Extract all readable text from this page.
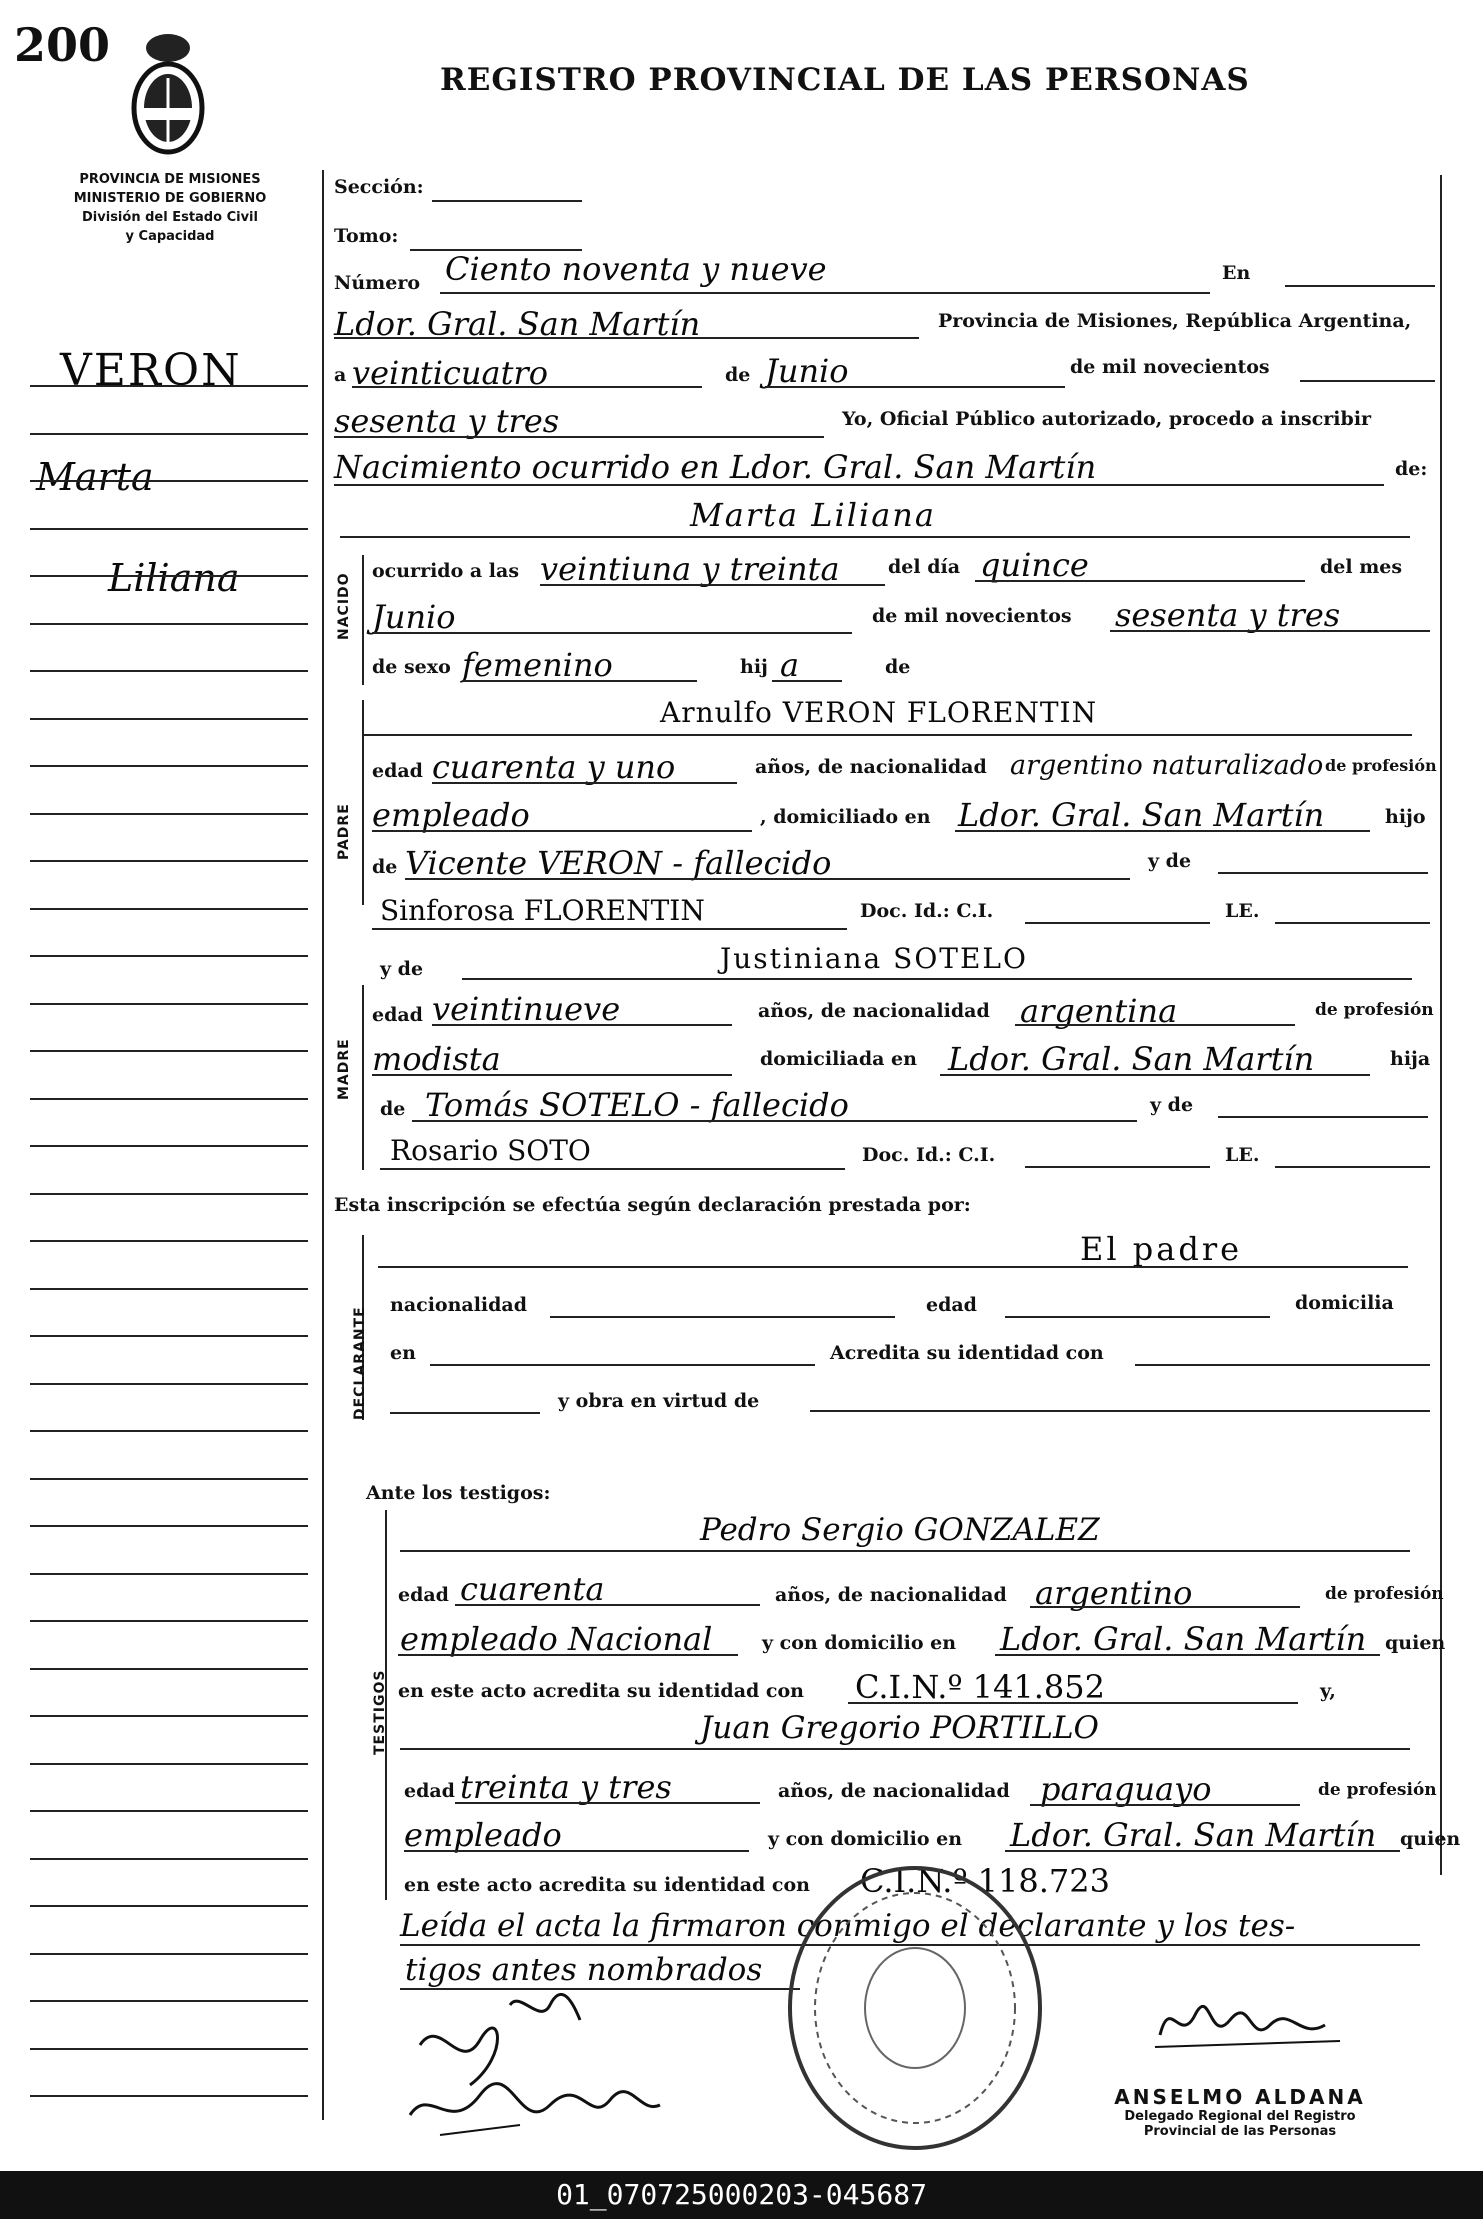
200
REGISTRO PROVINCIAL DE LAS PERSONAS
PROVINCIA DE MISIONES
MINISTERIO DE GOBIERNO
División del Estado Civil
y Capacidad
VERON
Marta
Liliana
Sección:
Tomo:
Número Ciento noventa y nueve	En
Ldor. Gral. San Martín	Provincia de Misiones, República Argentina,
a veinticuatro	de Junio	de mil novecientos
sesenta y tres	Yo, Oficial Público autorizado, procedo a inscribir
Nacimiento ocurrido en Ldor. Gral. San Martín	de:
NACIDO
Marta Liliana
ocurrido a las veintiuna y treinta	del día quince	del mes
Junio	de mil novecientos sesenta y tres
de sexo femenino	hij a	de
PADRE
Arnulfo VERON FLORENTIN
edad cuarenta y uno	años, de nacionalidad argentino naturalizado de profesión
empleado	, domiciliado en Ldor. Gral. San Martín	hijo
de Vicente VERON - fallecido	y de
Sinforosa FLORENTIN	Doc. Id.: C.I.	LE.
y de	Justiniana SOTELO
MADRE
edad veintinueve	años, de nacionalidad argentina	de profesión
modista	domiciliada en Ldor. Gral. San Martín	hija
de Tomás SOTELO - fallecido	y de
Rosario SOTO	Doc. Id.: C.I.	LE.
Esta inscripción se efectúa según declaración prestada por:
DECLARANTE
El padre
nacionalidad	edad	domicilia
en	Acredita su identidad con
y obra en virtud de
Ante los testigos:
TESTIGOS
Pedro Sergio GONZALEZ
edad cuarenta	años, de nacionalidad argentino	de profesión
empleado Nacional	y con domicilio en Ldor. Gral. San Martín quien
en este acto acredita su identidad con C.I.N.º 141.852	y,
Juan Gregorio PORTILLO
edad treinta y tres	años, de nacionalidad paraguayo	de profesión
empleado	y con domicilio en Ldor. Gral. San Martín quien
en este acto acredita su identidad con C.I.N.º 118.723
Leída el acta la firmaron conmigo el declarante y los tes-
tigos antes nombrados
ANSELMO ALDANA
Delegado Regional del Registro
Provincial de las Personas
01_070725000203-045687
